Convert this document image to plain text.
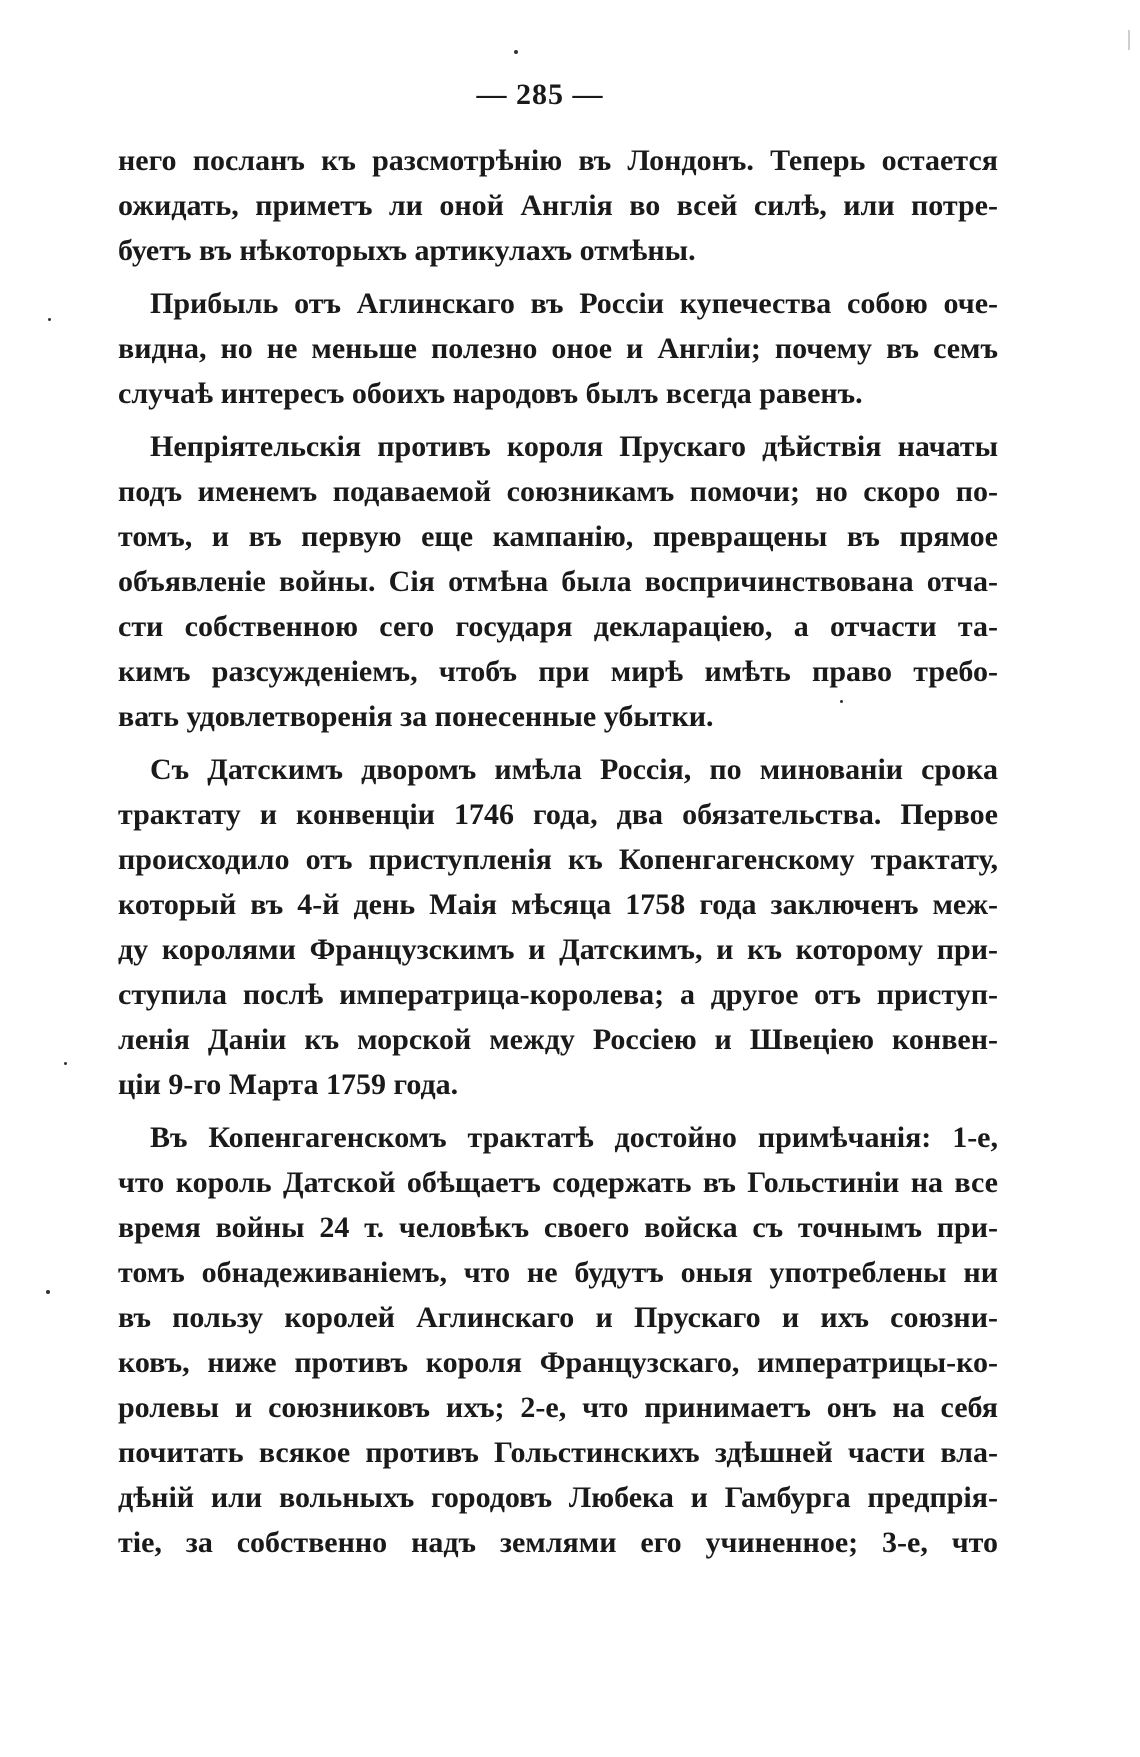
— 285 —
него посланъ къ разсмотрѣнію въ Лондонъ. Теперь остается
ожидать, приметъ ли оной Англія во всей силѣ, или потре-
буетъ въ нѣкоторыхъ артикулахъ отмѣны.
Прибыль отъ Аглинскаго въ Россіи купечества собою оче-
видна, но не меньше полезно оное и Англіи; почему въ семъ
случаѣ интересъ обоихъ народовъ былъ всегда равенъ.
Непріятельскія противъ короля Прускаго дѣйствія начаты
подъ именемъ подаваемой союзникамъ помочи; но скоро по-
томъ, и въ первую еще кампанію, превращены въ прямое
объявленіе войны. Сія отмѣна была воспричинствована отча-
сти собственною сего государя деклараціею, а отчасти та-
кимъ разсужденіемъ, чтобъ при мирѣ имѣть право требо-
вать удовлетворенія за понесенные убытки.
Съ Датскимъ дворомъ имѣла Россія, по минованіи срока
трактату и конвенціи 1746 года, два обязательства. Первое
происходило отъ приступленія къ Копенгагенскому трактату,
который въ 4-й день Маія мѣсяца 1758 года заключенъ меж-
ду королями Французскимъ и Датскимъ, и къ которому при-
ступила послѣ императрица-королева; а другое отъ приступ-
ленія Даніи къ морской между Россіею и Швеціею конвен-
ціи 9-го Марта 1759 года.
Въ Копенгагенскомъ трактатѣ достойно примѣчанія: 1-е,
что король Датской обѣщаетъ содержать въ Гольстиніи на все
время войны 24 т. человѣкъ своего войска съ точнымъ при-
томъ обнадеживаніемъ, что не будутъ оныя употреблены ни
въ пользу королей Аглинскаго и Прускаго и ихъ союзни-
ковъ, ниже противъ короля Французскаго, императрицы-ко-
ролевы и союзниковъ ихъ; 2-е, что принимаетъ онъ на себя
почитать всякое противъ Гольстинскихъ здѣшней части вла-
дѣній или вольныхъ городовъ Любека и Гамбурга предпрія-
тіе, за собственно надъ землями его учиненное; 3-е, что
